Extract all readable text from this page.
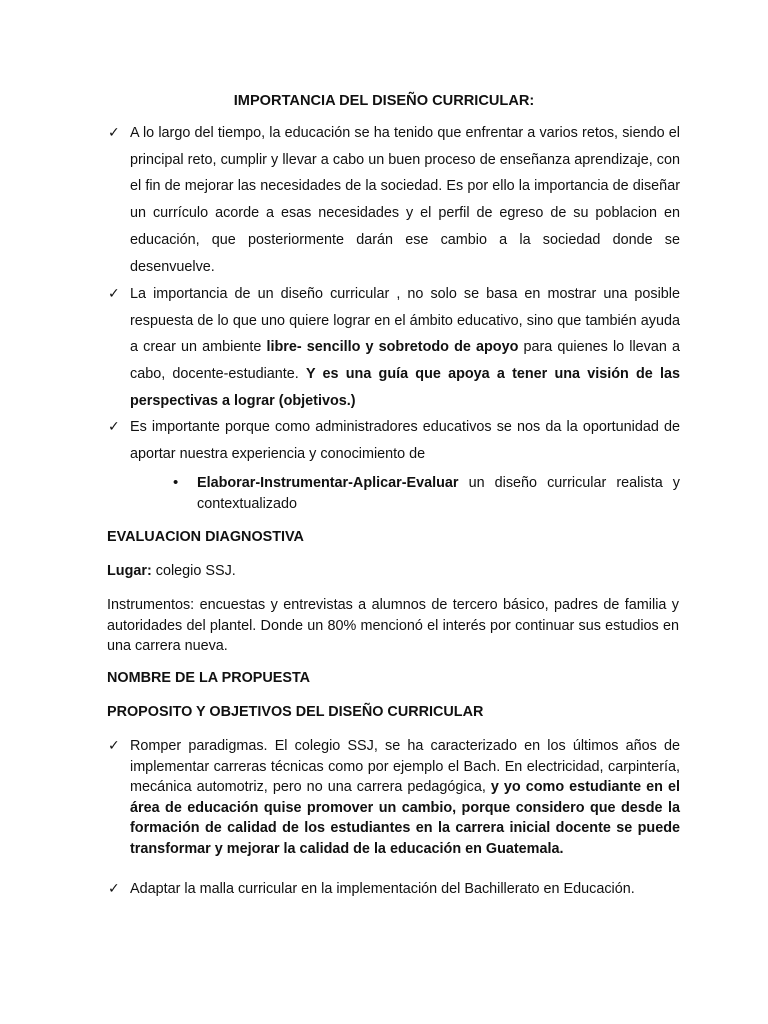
IMPORTANCIA DEL DISEÑO CURRICULAR:
✓ A lo largo del tiempo, la educación se ha tenido que enfrentar a varios retos, siendo el principal reto, cumplir y llevar a cabo un buen proceso de enseñanza aprendizaje, con el fin de mejorar las necesidades de la sociedad. Es por ello la importancia de diseñar un currículo acorde a esas necesidades y el perfil de egreso de su poblacion en educación, que posteriormente darán ese cambio a la sociedad donde se desenvuelve.

✓ La importancia de un diseño curricular , no solo se basa en mostrar una posible respuesta de lo que uno quiere lograr en el ámbito educativo, sino que también ayuda a crear un ambiente libre- sencillo y sobretodo de apoyo para quienes lo llevan a cabo, docente-estudiante. Y es una guía que apoya a tener una visión de las perspectivas a lograr (objetivos.)

✓ Es importante porque como administradores educativos se nos da la oportunidad de aportar nuestra experiencia y conocimiento de

• Elaborar-Instrumentar-Aplicar-Evaluar un diseño curricular realista y contextualizado
EVALUACION DIAGNOSTIVA
Lugar: colegio SSJ.
Instrumentos: encuestas y entrevistas a alumnos de tercero básico, padres de familia y autoridades del plantel. Donde un 80% mencionó el interés por continuar sus estudios en una carrera nueva.
NOMBRE DE LA PROPUESTA
PROPOSITO Y OBJETIVOS DEL DISEÑO CURRICULAR
✓ Romper paradigmas. El colegio SSJ, se ha caracterizado en los últimos años de implementar carreras técnicas como por ejemplo el Bach. En electricidad, carpintería, mecánica automotriz, pero no una carrera pedagógica, y yo como estudiante en el área de educación quise promover un cambio, porque considero que desde la formación de calidad de los estudiantes en la carrera inicial docente se puede transformar y mejorar la calidad de la educación en Guatemala.

✓ Adaptar la malla curricular en la implementación del Bachillerato en Educación.
